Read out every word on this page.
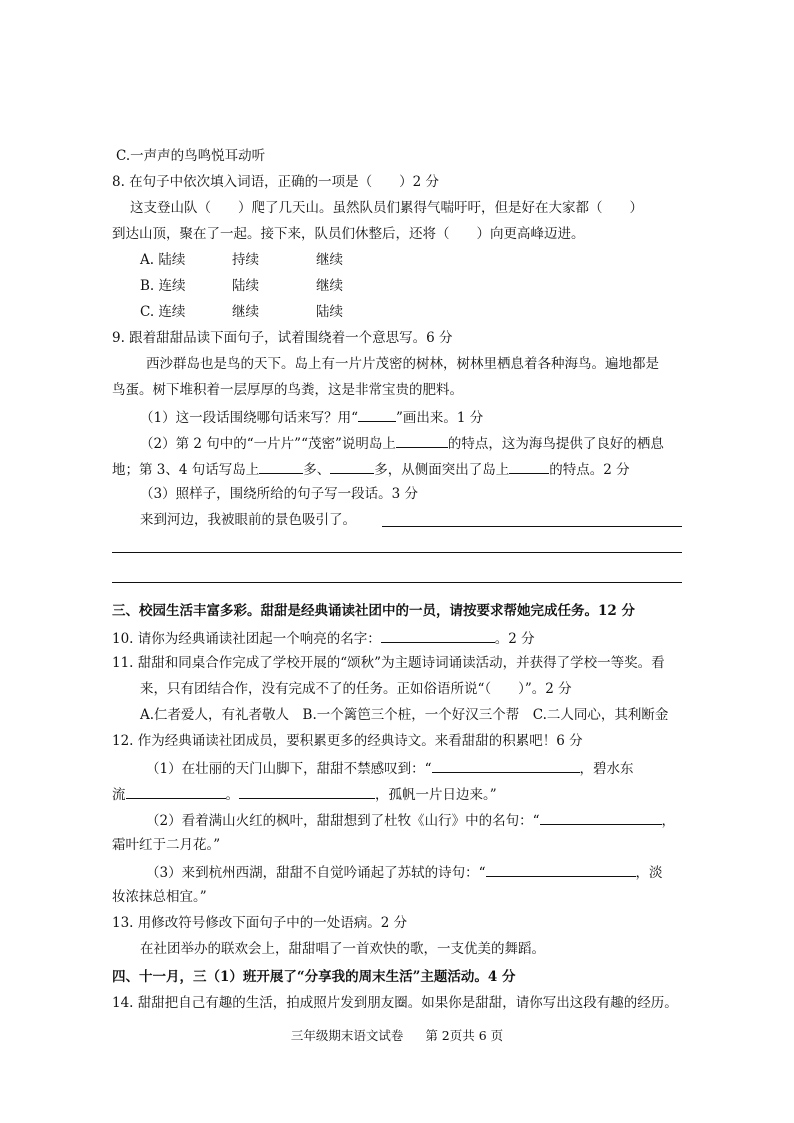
C.一声声的鸟鸣悦耳动听
8. 在句子中依次填入词语，正确的一项是（　　）2 分
这支登山队（　　）爬了几天山。虽然队员们累得气喘吁吁，但是好在大家都（　　）
到达山顶，聚在了一起。接下来，队员们休整后，还将（　　）向更高峰迈进。
A. 陆续	持续	继续
B. 连续	陆续	继续
C. 连续	继续	陆续
9. 跟着甜甜品读下面句子，试着围绕着一个意思写。6 分
西沙群岛也是鸟的天下。岛上有一片片茂密的树林，树林里栖息着各种海鸟。遍地都是
鸟蛋。树下堆积着一层厚厚的鸟粪，这是非常宝贵的肥料。
（1）这一段话围绕哪句话来写？用“	”画出来。1 分
（2）第 2 句中的“一片片”“茂密”说明岛上	的特点，这为海鸟提供了良好的栖息
地；第 3、4 句话写岛上	多、	多，从侧面突出了岛上	的特点。2 分
（3）照样子，围绕所给的句子写一段话。3 分
来到河边，我被眼前的景色吸引了。
三、校园生活丰富多彩。甜甜是经典诵读社团中的一员，请按要求帮她完成任务。12 分
10. 请你为经典诵读社团起一个响亮的名字：	。2 分
11. 甜甜和同桌合作完成了学校开展的“颂秋”为主题诗词诵读活动，并获得了学校一等奖。看
来，只有团结合作，没有完成不了的任务。正如俗语所说“（　　）”。2 分
A.仁者爱人，有礼者敬人　B.一个篱笆三个桩，一个好汉三个帮　C.二人同心，其利断金
12. 作为经典诵读社团成员，要积累更多的经典诗文。来看甜甜的积累吧！6 分
（1）在壮丽的天门山脚下，甜甜不禁感叹到：“	，碧水东
流	。	，孤帆一片日边来。”
（2）看着满山火红的枫叶，甜甜想到了杜牧《山行》中的名句：“	，
霜叶红于二月花。”
（3）来到杭州西湖，甜甜不自觉吟诵起了苏轼的诗句：“	，淡
妆浓抹总相宜。”
13. 用修改符号修改下面句子中的一处语病。2 分
在社团举办的联欢会上，甜甜唱了一首欢快的歌，一支优美的舞蹈。
四、十一月，三（1）班开展了“分享我的周末生活”主题活动。4 分
14. 甜甜把自己有趣的生活，拍成照片发到朋友圈。如果你是甜甜，请你写出这段有趣的经历。
三年级期末语文试卷 第 2页共 6 页
